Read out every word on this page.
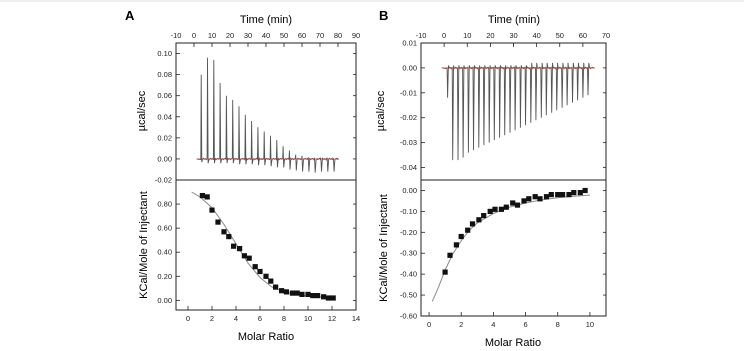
A	B
-0.02
0.00
0.02
0.04
0.06
0.08
0.10
-10 0 10 20 30 40 50 60 70 80 90
0.00
0.20
0.40
0.60
0.80
0	2	4	6	8 10 12 14
Time (min)
µcal/sec
KCal/Mole of Injectant
Molar Ratio
-0.04
-0.03
-0.02
-0.01
0.00
0.01
-10 0 10 20 30 40 50 60 70
-0.60
-0.50
-0.40
-0.30
-0.20
-0.10
0.00
0	2	4	6	8	10
Time (min)
µcal/sec
KCal/Mole of Injectant
Molar Ratio
